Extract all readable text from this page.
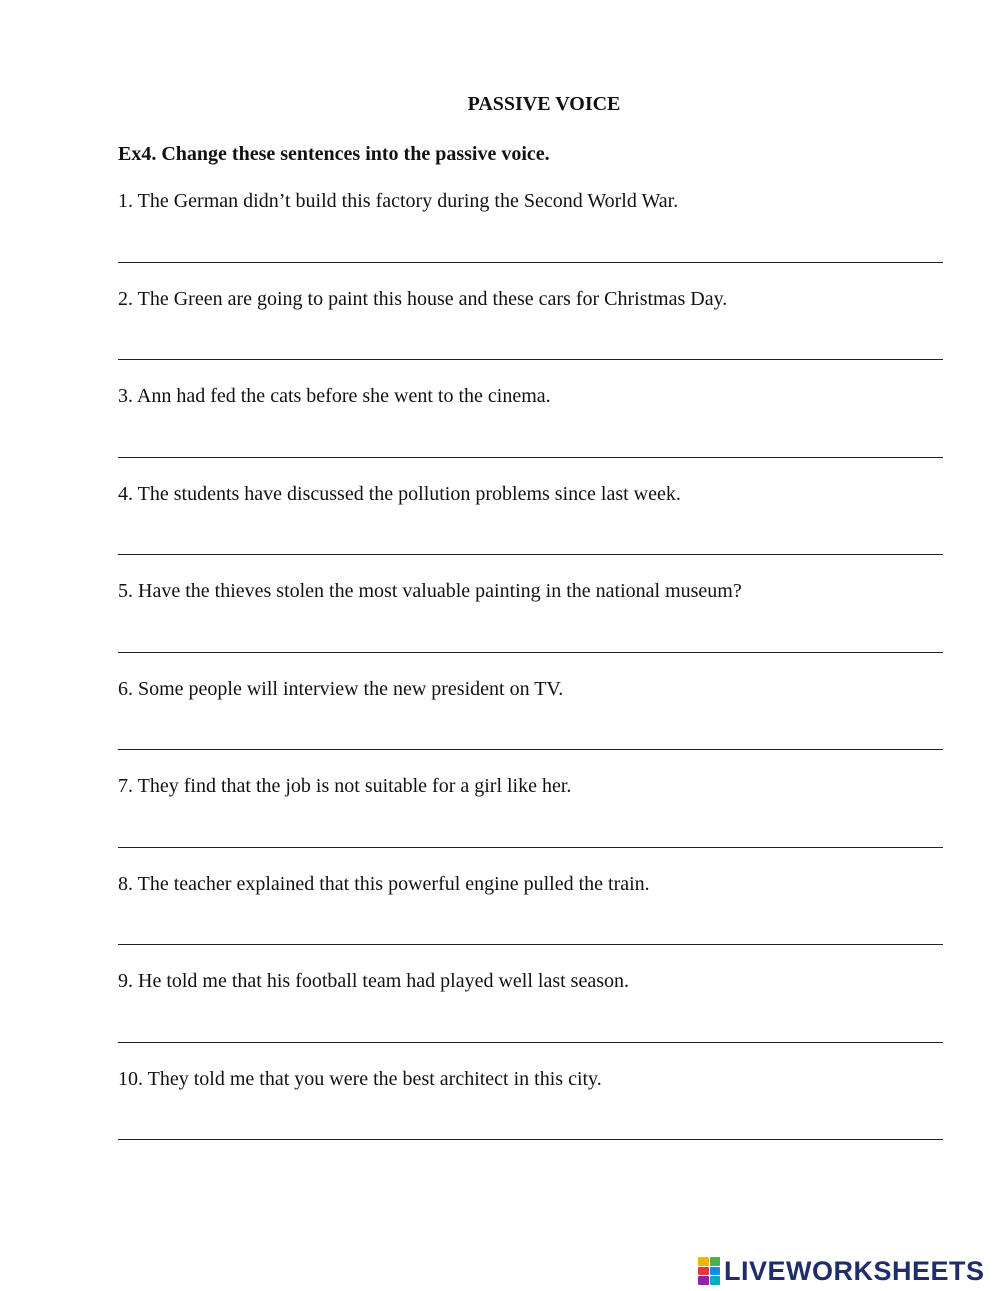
PASSIVE VOICE
Ex4. Change these sentences into the passive voice.
1. The German didn’t build this factory during the Second World War.
2. The Green are going to paint this house and these cars for Christmas Day.
3. Ann had fed the cats before she went to the cinema.
4. The students have discussed the pollution problems since last week.
5. Have the thieves stolen the most valuable painting in the national museum?
6. Some people will interview the new president on TV.
7. They find that the job is not suitable for a girl like her.
8. The teacher explained that this powerful engine pulled the train.
9. He told me that his football team had played well last season.
10. They told me that you were the best architect in this city.
LIVEWORKSHEETS
